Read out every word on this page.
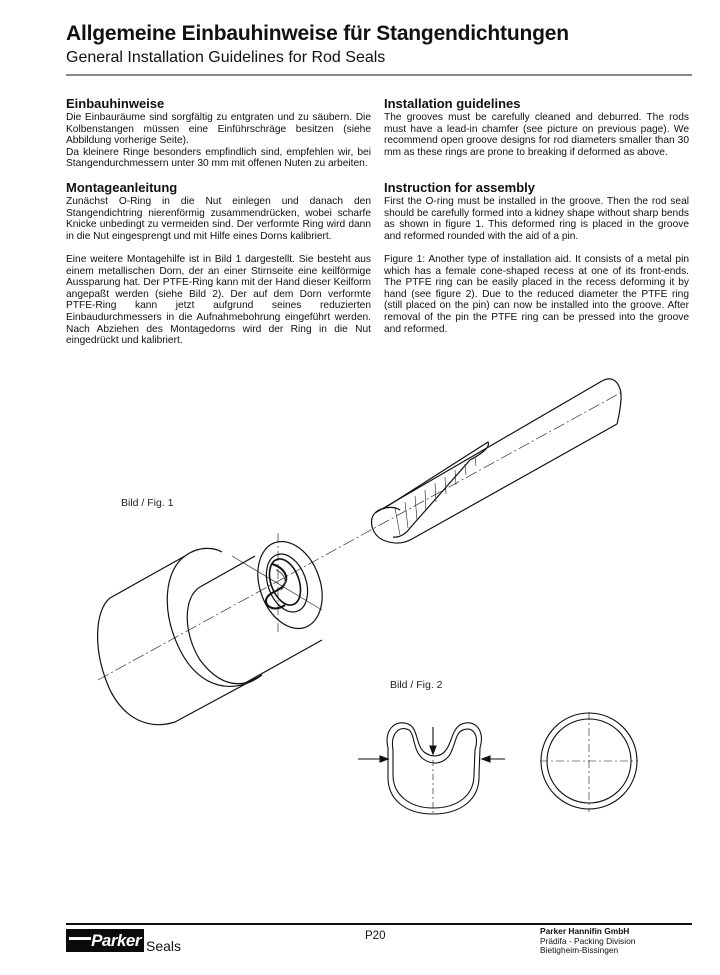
Allgemeine Einbauhinweise für Stangendichtungen

General Installation Guidelines for Rod Seals

Einbauhinweise

Die Einbauräume sind sorgfältig zu entgraten und zu säubern. Die Kolbenstangen müssen eine Einführschräge besitzen (siehe Abbildung vorherige Seite).

Da kleinere Ringe besonders empfindlich sind, empfehlen wir, bei Stangendurchmessern unter 30 mm mit offenen Nuten zu arbeiten.

Montageanleitung

Zunächst O-Ring in die Nut einlegen und danach den Stangendichtring nierenförmig zusammendrücken, wobei scharfe Knicke unbedingt zu vermeiden sind. Der verformte Ring wird dann in die Nut eingesprengt und mit Hilfe eines Dorns kalibriert.

Eine weitere Montagehilfe ist in Bild 1 dargestellt. Sie besteht aus einem metallischen Dorn, der an einer Stirnseite eine keilförmige Aussparung hat. Der PTFE-Ring kann mit der Hand dieser Keilform angepaßt werden (siehe Bild 2). Der auf dem Dorn verformte PTFE-Ring kann jetzt aufgrund seines reduzierten Einbaudurchmessers in die Aufnahmebohrung eingeführt werden. Nach Abziehen des Montagedorns wird der Ring in die Nut eingedrückt und kalibriert.

Installation guidelines

The grooves must be carefully cleaned and deburred. The rods must have a lead-in chamfer (see picture on previous page). We recommend open groove designs for rod diameters smaller than 30 mm as these rings are prone to breaking if deformed as above.

Instruction for assembly

First the O-ring must be installed in the groove. Then the rod seal should be carefully formed into a kidney shape without sharp bends as shown in figure 1. This deformed ring is placed in the groove and reformed rounded with the aid of a pin.

Figure 1: Another type of installation aid. It consists of a metal pin which has a female cone-shaped recess at one of its front-ends. The PTFE ring can be easily placed in the recess deforming it by hand (see figure 2). Due to the reduced diameter the PTFE ring (still placed on the pin) can now be installed into the groove. After removal of the pin the PTFE ring can be pressed into the groove and reformed.

Bild / Fig. 1
Bild / Fig. 2
Parker Seals
P20	Parker Hannifin GmbH
Prädifa - Packing Division
Bietigheim-Bissingen
